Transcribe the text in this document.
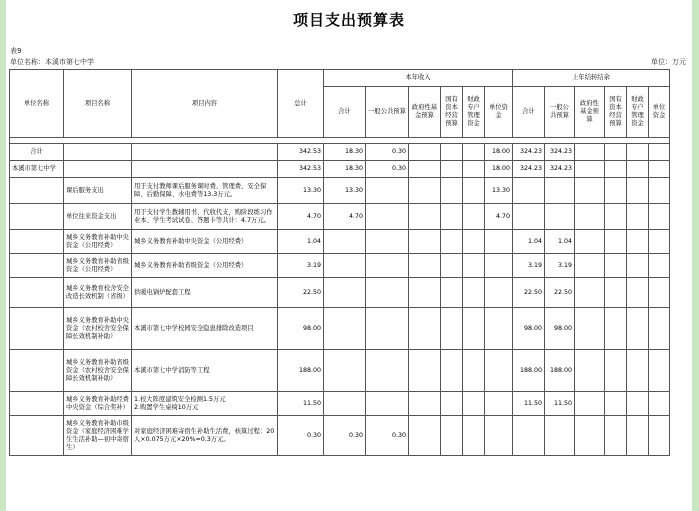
项目支出预算表
表9
单位名称：本溪市第七中学	单位：万元
单位名称	项目名称	项目内容	总计	本年收入						上年结转结余					
				合计	一般公共预算	政府性基金预算	国有资本经营预算	财政专户管理资金	单位资金	合计	一般公共预算	政府性基金预算	国有资本经营预算	财政专户管理资金	单位资金

合计			342.53	18.30	0.30				18.00	324.23	324.23				
本溪市第七中学			342.53	18.30	0.30				18.00	324.23	324.23				
	课后服务支出	用于支付教师课后服务课时费、管理费、安全保障、后勤保障、水电费等13.3万元。	13.30	13.30					13.30						
	单位往来资金支出	用于支付学生教辅用书、代收代支，购阶段练习作业本、学生考试试卷、答题卡等共计：4.7万元。	4.70	4.70					4.70						
	城乡义务教育补助中央资金（公用经费）	城乡义务教育补助中央资金（公用经费）	1.04							1.04	1.04				
	城乡义务教育补助省级资金（公用经费）	城乡义务教育补助省级资金（公用经费）	3.19							3.19	3.19				
	城乡义务教育校舍安全改造长效机制（省级）	供暖电锅炉配套工程	22.50							22.50	22.50				
	城乡义务教育补助中央资金（农村校舍安全保障长效机制补助）	本溪市第七中学校园安全隐患排除改造项目	98.00							98.00	98.00				
	城乡义务教育补助省级资金（农村校舍安全保障长效机制补助）	本溪市第七中学消防等工程	188.00							188.00	188.00				
	城乡义务教育补助经费中央资金（综合奖补）	1.校大阵度建筑安全检测1.5万元
2.购置学生桌椅10万元	11.50							11.50	11.50				
	城乡义务教育补助市级资金（家庭经济困难学生生活补助—初中寄宿生）	对家庭经济困难寄宿生补助生活费，核算过程：20人×0.075万元×20%=0.3万元。	0.30	0.30	0.30										
